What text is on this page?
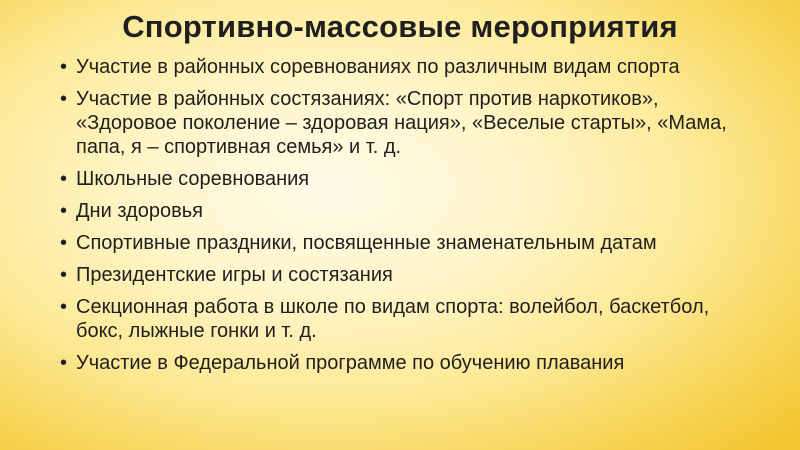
Спортивно-массовые мероприятия
• Участие в районных соревнованиях по различным видам спорта
• Участие в районных состязаниях: «Спорт против наркотиков», «Здоровое поколение – здоровая нация», «Веселые старты», «Мама, папа, я – спортивная семья» и т. д.
• Школьные соревнования
• Дни здоровья
• Спортивные праздники, посвященные знаменательным датам
• Президентские игры и состязания
• Секционная работа в школе по видам спорта: волейбол, баскетбол, бокс, лыжные гонки и т. д.
• Участие в Федеральной программе по обучению плавания
